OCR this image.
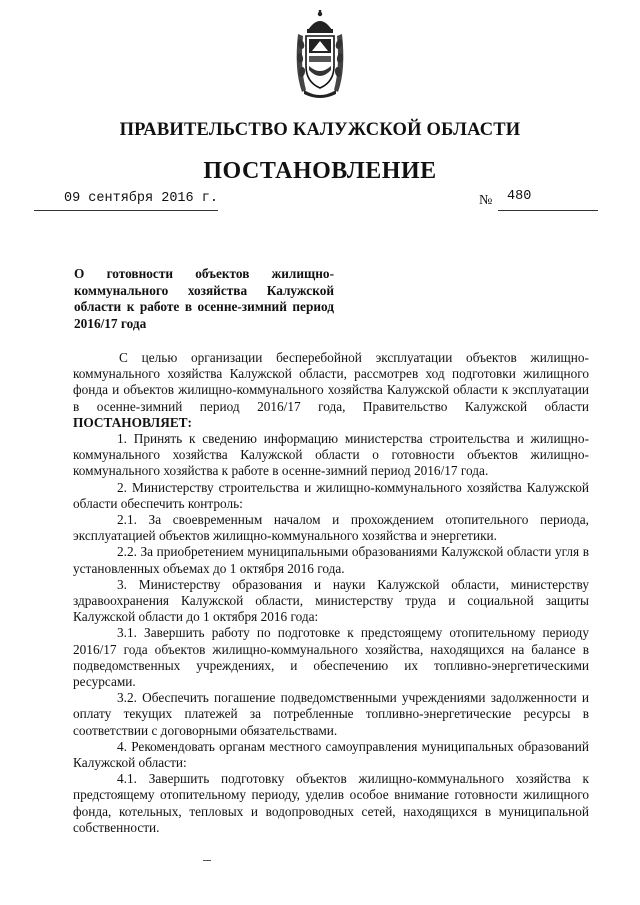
ПРАВИТЕЛЬСТВО КАЛУЖСКОЙ ОБЛАСТИ
ПОСТАНОВЛЕНИЕ
09 сентября 2016 г.	№ 480
О готовности объектов жилищно-коммунального хозяйства Калужской области к работе в осенне-зимний период 2016/17 года

С целью организации бесперебойной эксплуатации объектов жилищно-коммунального хозяйства Калужской области, рассмотрев ход подготовки жилищного фонда и объектов жилищно-коммунального хозяйства Калужской области к эксплуатации в осенне-зимний период 2016/17 года, Правительство Калужской области ПОСТАНОВЛЯЕТ:

1. Принять к сведению информацию министерства строительства и жилищно-коммунального хозяйства Калужской области о готовности объектов жилищно-коммунального хозяйства к работе в осенне-зимний период 2016/17 года.

2. Министерству строительства и жилищно-коммунального хозяйства Калужской области обеспечить контроль:

2.1. За своевременным началом и прохождением отопительного периода, эксплуатацией объектов жилищно-коммунального хозяйства и энергетики.

2.2. За приобретением муниципальными образованиями Калужской области угля в установленных объемах до 1 октября 2016 года.

3. Министерству образования и науки Калужской области, министерству здравоохранения Калужской области, министерству труда и социальной защиты Калужской области до 1 октября 2016 года:

3.1. Завершить работу по подготовке к предстоящему отопительному периоду 2016/17 года объектов жилищно-коммунального хозяйства, находящихся на балансе в подведомственных учреждениях, и обеспечению их топливно-энергетическими ресурсами.

3.2. Обеспечить погашение подведомственными учреждениями задолженности и оплату текущих платежей за потребленные топливно-энергетические ресурсы в соответствии с договорными обязательствами.

4. Рекомендовать органам местного самоуправления муниципальных образований Калужской области:

4.1. Завершить подготовку объектов жилищно-коммунального хозяйства к предстоящему отопительному периоду, уделив особое внимание готовности жилищного фонда, котельных, тепловых и водопроводных сетей, находящихся в муниципальной собственности.
